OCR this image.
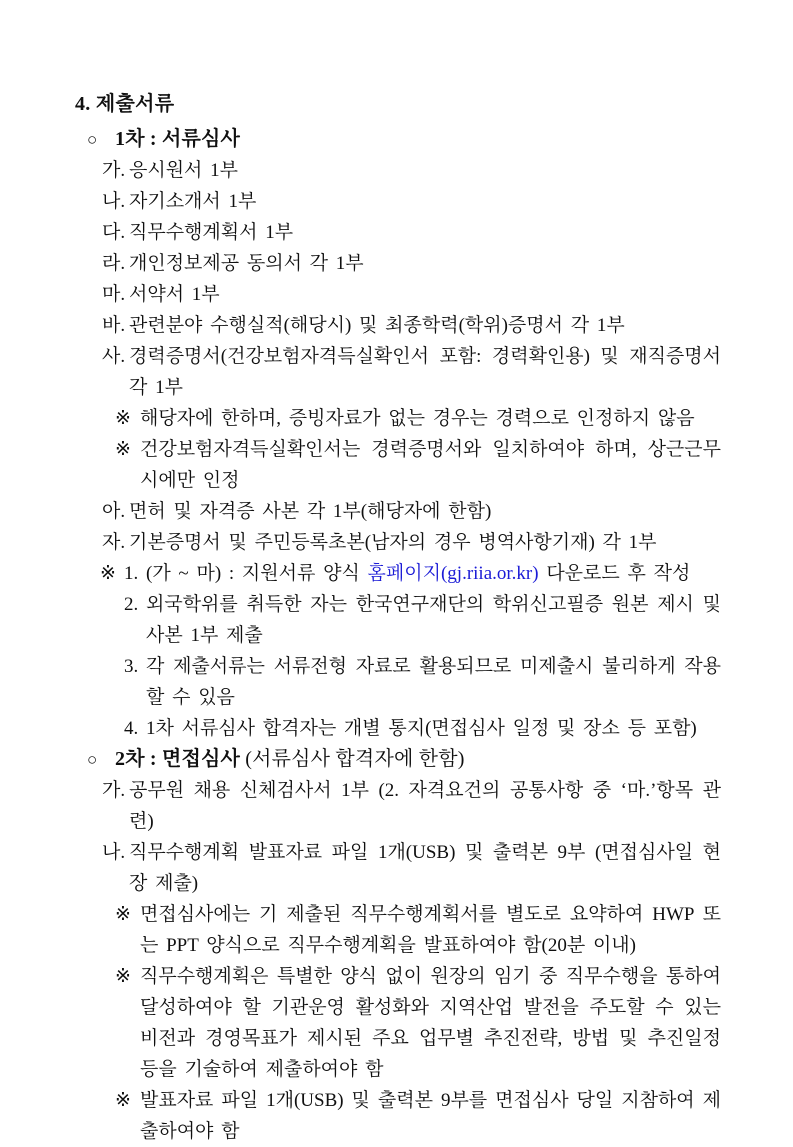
4. 제출서류
○ 1차 : 서류심사
가. 응시원서 1부
나. 자기소개서 1부
다. 직무수행계획서 1부
라. 개인정보제공 동의서 각 1부
마. 서약서 1부
바. 관련분야 수행실적(해당시) 및 최종학력(학위)증명서 각 1부
사. 경력증명서(건강보험자격득실확인서 포함: 경력확인용) 및 재직증명서 각 1부
※ 해당자에 한하며, 증빙자료가 없는 경우는 경력으로 인정하지 않음
※ 건강보험자격득실확인서는 경력증명서와 일치하여야 하며, 상근근무 시에만 인정
아. 면허 및 자격증 사본 각 1부(해당자에 한함)
자. 기본증명서 및 주민등록초본(남자의 경우 병역사항기재) 각 1부
※ 1. (가 ~ 마) : 지원서류 양식 홈페이지(gj.riia.or.kr) 다운로드 후 작성
2. 외국학위를 취득한 자는 한국연구재단의 학위신고필증 원본 제시 및 사본 1부 제출
3. 각 제출서류는 서류전형 자료로 활용되므로 미제출시 불리하게 작용할 수 있음
4. 1차 서류심사 합격자는 개별 통지(면접심사 일정 및 장소 등 포함)
○ 2차 : 면접심사 (서류심사 합격자에 한함)
가. 공무원 채용 신체검사서 1부 (2. 자격요건의 공통사항 중 ‘마.’항목 관련)
나. 직무수행계획 발표자료 파일 1개(USB) 및 출력본 9부 (면접심사일 현장 제출)
※ 면접심사에는 기 제출된 직무수행계획서를 별도로 요약하여 HWP 또는 PPT 양식으로 직무수행계획을 발표하여야 함(20분 이내)
※ 직무수행계획은 특별한 양식 없이 원장의 임기 중 직무수행을 통하여 달성하여야 할 기관운영 활성화와 지역산업 발전을 주도할 수 있는 비전과 경영목표가 제시된 주요 업무별 추진전략, 방법 및 추진일정 등을 기술하여 제출하여야 함
※ 발표자료 파일 1개(USB) 및 출력본 9부를 면접심사 당일 지참하여 제출하여야 함
